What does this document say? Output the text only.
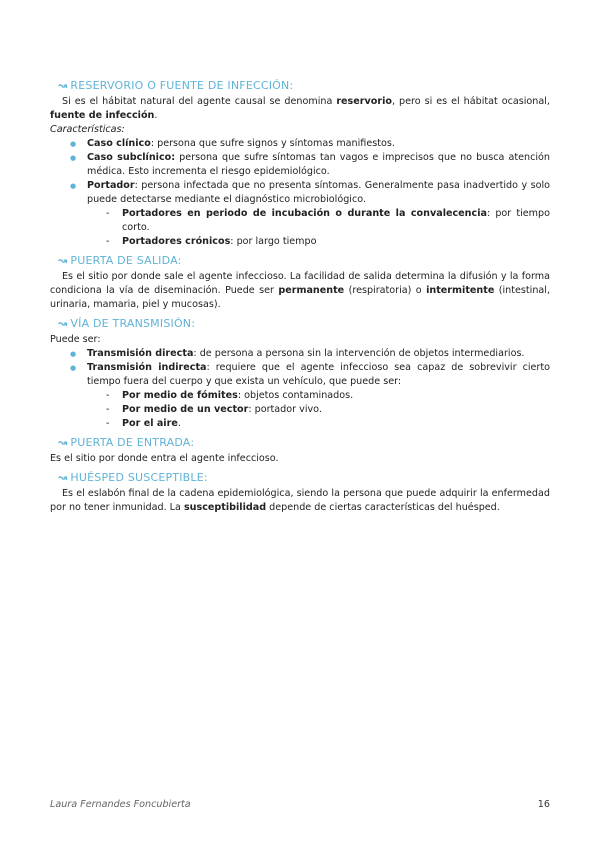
↝ RESERVORIO O FUENTE DE INFECCIÓN:

Si es el hábitat natural del agente causal se denomina reservorio, pero si es el hábitat ocasional, fuente de infección.

Características:

● Caso clínico: persona que sufre signos y síntomas manifiestos.
● Caso subclínico: persona que sufre síntomas tan vagos e imprecisos que no busca atención médica. Esto incrementa el riesgo epidemiológico.
● Portador: persona infectada que no presenta síntomas. Generalmente pasa inadvertido y solo puede detectarse mediante el diagnóstico microbiológico.
- Portadores en periodo de incubación o durante la convalecencia: por tiempo corto.
- Portadores crónicos: por largo tiempo
↝ PUERTA DE SALIDA:

Es el sitio por donde sale el agente infeccioso. La facilidad de salida determina la difusión y la forma condiciona la vía de diseminación. Puede ser permanente (respiratoria) o intermitente (intestinal, urinaria, mamaria, piel y mucosas).

↝ VÍA DE TRANSMISIÓN:

Puede ser:

● Transmisión directa: de persona a persona sin la intervención de objetos intermediarios.
● Transmisión indirecta: requiere que el agente infeccioso sea capaz de sobrevivir cierto tiempo fuera del cuerpo y que exista un vehículo, que puede ser:
- Por medio de fómites: objetos contaminados.
- Por medio de un vector: portador vivo.
- Por el aire.
↝ PUERTA DE ENTRADA:

Es el sitio por donde entra el agente infeccioso.

↝ HUÉSPED SUSCEPTIBLE:

Es el eslabón final de la cadena epidemiológica, siendo la persona que puede adquirir la enfermedad por no tener inmunidad. La susceptibilidad depende de ciertas características del huésped.

Laura Fernandes Foncubierta	16
